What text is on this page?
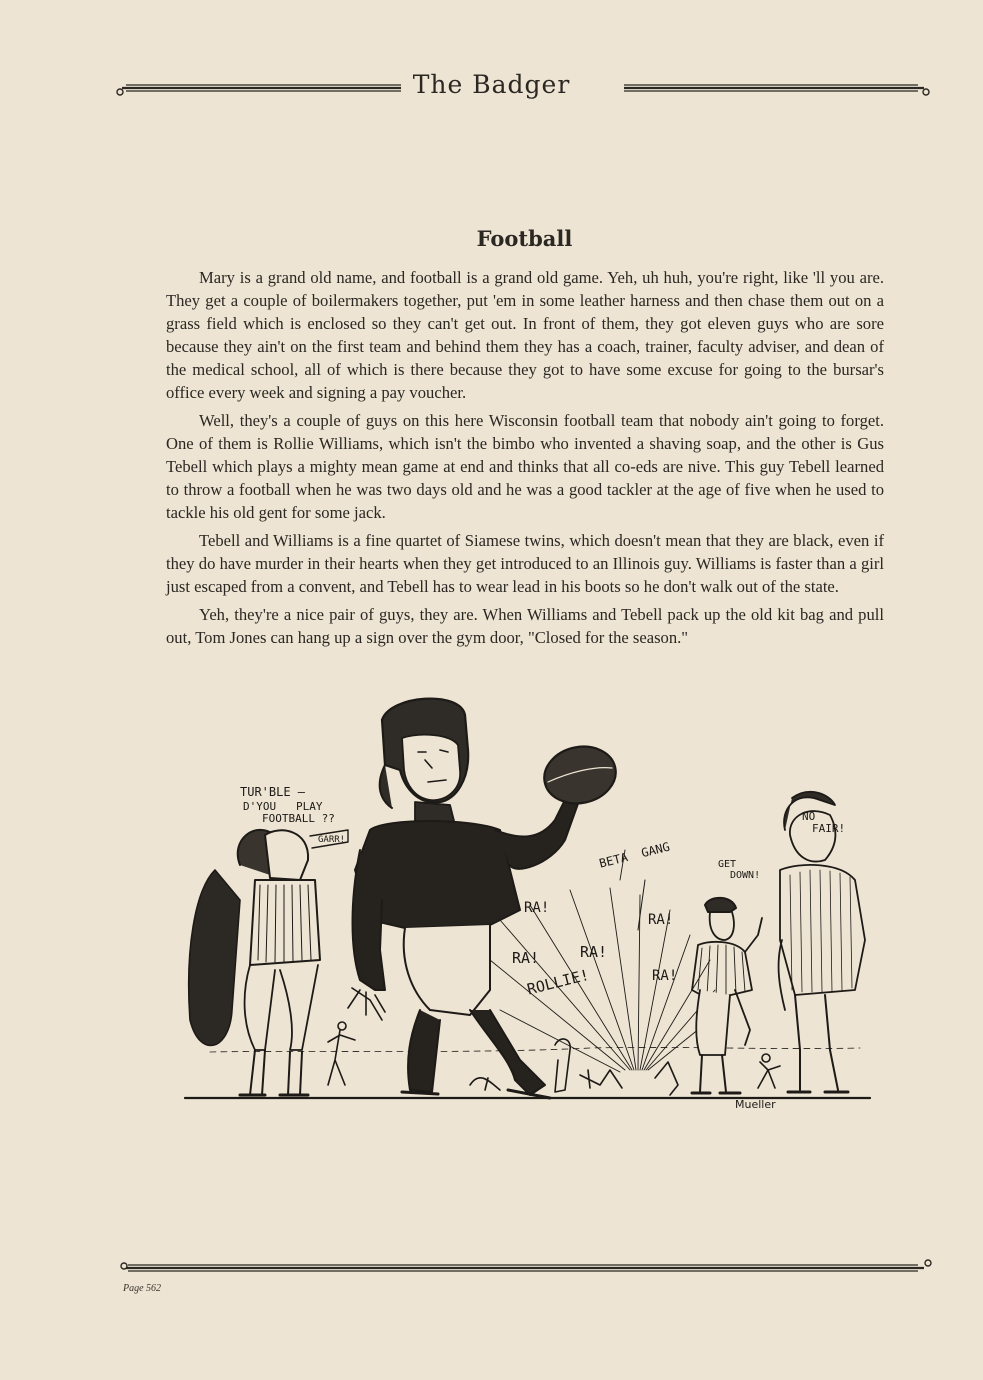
The Badger
Football

Mary is a grand old name, and football is a grand old game. Yeh, uh huh, you're right, like 'll you are. They get a couple of boilermakers together, put 'em in some leather harness and then chase them out on a grass field which is enclosed so they can't get out. In front of them, they got eleven guys who are sore because they ain't on the first team and behind them they has a coach, trainer, faculty adviser, and dean of the medical school, all of which is there because they got to have some excuse for going to the bursar's office every week and signing a pay voucher.

Well, they's a couple of guys on this here Wisconsin football team that nobody ain't going to forget. One of them is Rollie Williams, which isn't the bimbo who invented a shaving soap, and the other is Gus Tebell which plays a mighty mean game at end and thinks that all co-eds are nive. This guy Tebell learned to throw a football when he was two days old and he was a good tackler at the age of five when he used to tackle his old gent for some jack.

Tebell and Williams is a fine quartet of Siamese twins, which doesn't mean that they are black, even if they do have murder in their hearts when they get introduced to an Illinois guy. Williams is faster than a girl just escaped from a convent, and Tebell has to wear lead in his boots so he don't walk out of the state.

Yeh, they're a nice pair of guys, they are. When Williams and Tebell pack up the old kit bag and pull out, Tom Jones can hang up a sign over the gym door, "Closed for the season."

TUR'BLE —
D'YOU   PLAY
FOOTBALL ??
GARR!	BETA  GANG	GET
DOWN!
NO
FAIR!
RA!
RA!
RA!	RA!
RA!
ROLLIE!
Mueller
Page 562
